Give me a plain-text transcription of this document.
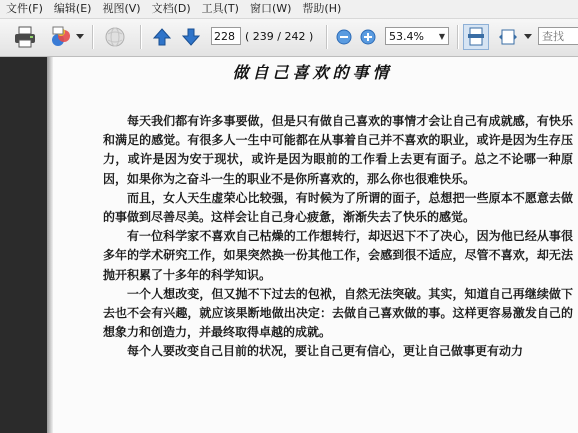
文件(F)	编辑(E)	视图(V)	文档(D)	工具(T)	窗口(W)	帮助(H)
228
( 239 / 242 )	53.4%	▼
查找
做自己喜欢的事情

每天我们都有许多事要做，但是只有做自己喜欢的事情才会让自己有成就感，有快乐和满足的感觉。有很多人一生中可能都在从事着自己并不喜欢的职业，或许是因为生存压力，或许是因为安于现状，或许是因为眼前的工作看上去更有面子。总之不论哪一种原因，如果你为之奋斗一生的职业不是你所喜欢的，那么你也很难快乐。

而且，女人天生虚荣心比较强，有时候为了所谓的面子，总想把一些原本不愿意去做的事做到尽善尽美。这样会让自己身心疲惫，渐渐失去了快乐的感觉。

有一位科学家不喜欢自己枯燥的工作想转行，却迟迟下不了决心，因为他已经从事很多年的学术研究工作，如果突然换一份其他工作，会感到很不适应，尽管不喜欢，却无法抛开积累了十多年的科学知识。

一个人想改变，但又抛不下过去的包袱，自然无法突破。其实，知道自己再继续做下去也不会有兴趣，就应该果断地做出决定：去做自己喜欢做的事。这样更容易激发自己的想象力和创造力，并最终取得卓越的成就。

每个人要改变自己目前的状况，要让自己更有信心，更让自己做事更有动力
